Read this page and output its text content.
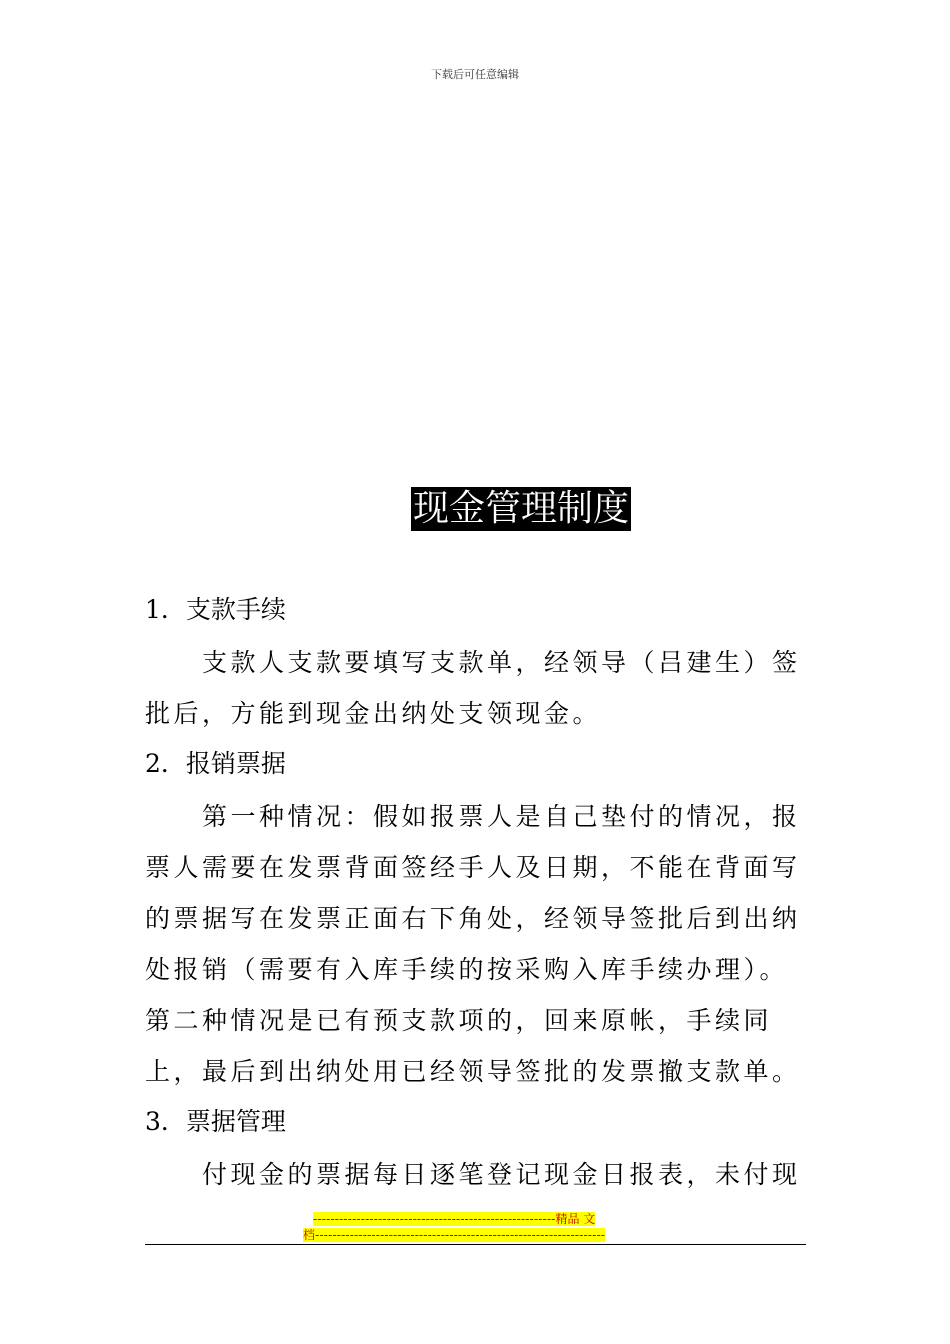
下载后可任意编辑
现金管理制度
1．支款手续
支款人支款要填写支款单，经领导（吕建生）签批后，方能到现金出纳处支领现金。
2．报销票据
第一种情况：假如报票人是自己垫付的情况，报票人需要在发票背面签经手人及日期，不能在背面写的票据写在发票正面右下角处，经领导签批后到出纳处报销（需要有入库手续的按采购入库手续办理）。
第二种情况是已有预支款项的，回来原帐，手续同上，最后到出纳处用已经领导签批的发票撤支款单。
3．票据管理
付现金的票据每日逐笔登记现金日报表，未付现
--------------------------------------------------------精品 文
档-------------------------------------------------------------------
